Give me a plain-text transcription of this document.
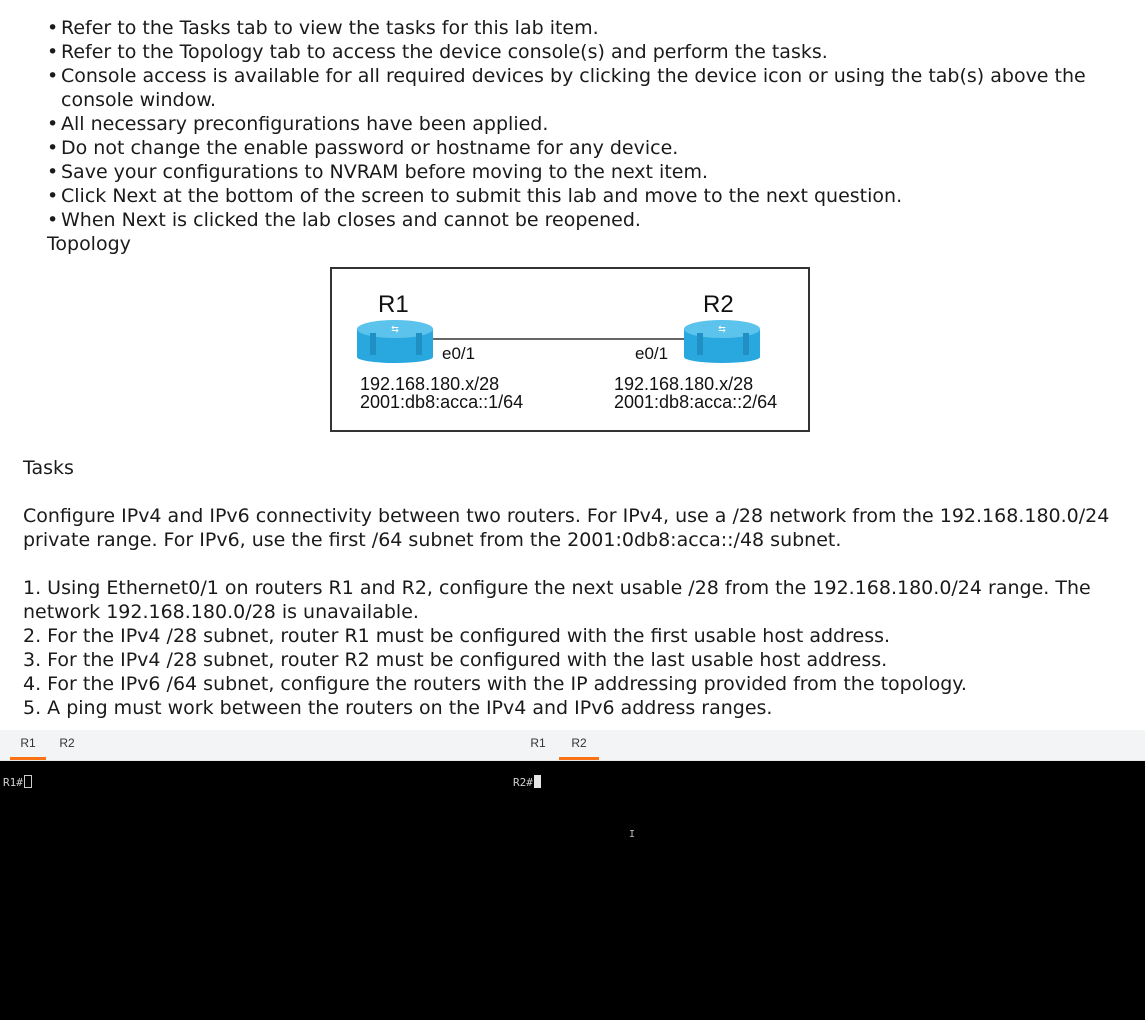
• Refer to the Tasks tab to view the tasks for this lab item.
• Refer to the Topology tab to access the device console(s) and perform the tasks.
• Console access is available for all required devices by clicking the device icon or using the tab(s) above the console window.
• All necessary preconfigurations have been applied.
• Do not change the enable password or hostname for any device.
• Save your configurations to NVRAM before moving to the next item.
• Click Next at the bottom of the screen to submit this lab and move to the next question.
• When Next is clicked the lab closes and cannot be reopened.
Topology
⇆	⇆
R1	R2
e0/1	e0/1
192.168.180.x/28
2001:db8:acca::1/64
192.168.180.x/28
2001:db8:acca::2/64

Tasks

Configure IPv4 and IPv6 connectivity between two routers. For IPv4, use a /28 network from the 192.168.180.0/24 private range. For IPv6, use the first /64 subnet from the 2001:0db8:acca::/48 subnet.

1. Using Ethernet0/1 on routers R1 and R2, configure the next usable /28 from the 192.168.180.0/24 range. The network 192.168.180.0/28 is unavailable.

2. For the IPv4 /28 subnet, router R1 must be configured with the first usable host address.

3. For the IPv4 /28 subnet, router R2 must be configured with the last usable host address.

4. For the IPv6 /64 subnet, configure the routers with the IP addressing provided from the topology.

5. A ping must work between the routers on the IPv4 and IPv6 address ranges.

R1	R2
R1#
R1	R2
R2#
I
